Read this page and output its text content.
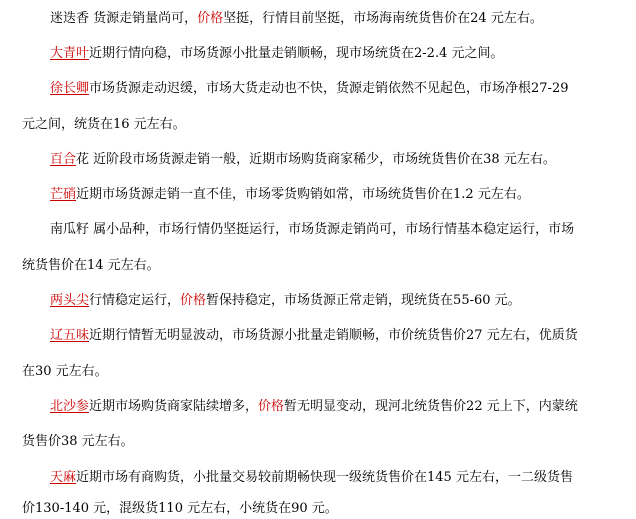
迷迭香 货源走销量尚可，价格坚挺，行情目前坚挺，市场海南统货售价在24 元左右。
大青叶近期行情向稳，市场货源小批量走销顺畅，现市场统货在2-2.4 元之间。
徐长卿市场货源走动迟缓，市场大货走动也不快，货源走销依然不见起色，市场净根27-29
元之间，统货在16 元左右。
百合花 近阶段市场货源走销一般，近期市场购货商家稀少，市场统货售价在38 元左右。
芒硝近期市场货源走销一直不佳，市场零货购销如常，市场统货售价在1.2 元左右。
南瓜籽 属小品种，市场行情仍坚挺运行，市场货源走销尚可，市场行情基本稳定运行，市场
统货售价在14 元左右。
两头尖行情稳定运行，价格暂保持稳定，市场货源正常走销，现统货在55-60 元。
辽五味近期行情暂无明显波动，市场货源小批量走销顺畅，市价统货售价27 元左右，优质货
在30 元左右。
北沙参近期市场购货商家陆续增多，价格暂无明显变动，现河北统货售价22 元上下，内蒙统
货售价38 元左右。
天麻近期市场有商购货，小批量交易较前期畅快现一级统货售价在145 元左右，一二级货售
价130-140 元，混级货110 元左右，小统货在90 元。
